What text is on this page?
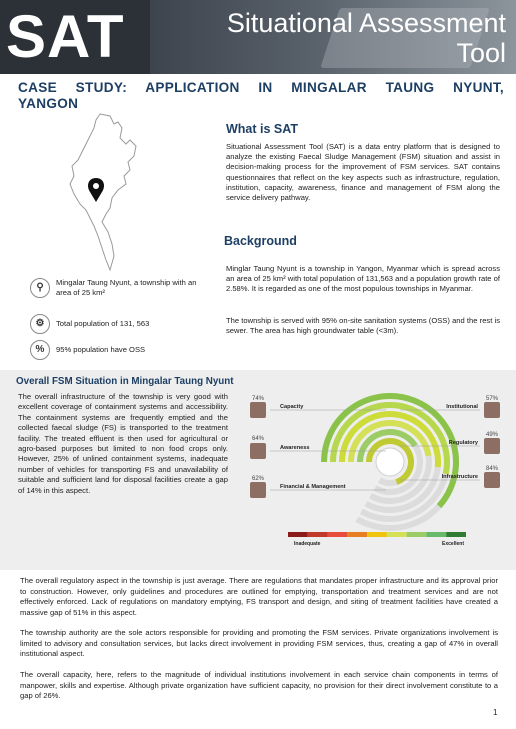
SAT	Situational Assessment
Tool
CASE STUDY: APPLICATION IN MINGALAR TAUNG NYUNT,
YANGON
⚲	Mingalar Taung Nyunt, a township with an area of 25 km²
⚙	Total population of 131, 563
%	95% population have OSS
What is SAT
Situational Assessment Tool (SAT) is a data entry platform that is designed to analyze the existing Faecal Sludge Management (FSM) situation and assist in decision-making process for the improvement of FSM services. SAT contains questionnaires that reflect on the key aspects such as infrastructure, regulation, institution, capacity, awareness, finance and management of FSM along the service delivery pathway.
Background
Minglar Taung Nyunt is a township in Yangon, Myanmar which is spread across an area of 25 km² with total population of 131,563 and a population growth rate of 2.58%. It is regarded as one of the most populous townships in Myanmar.
The township is served with 95% on-site sanitation systems (OSS) and the rest is sewer. The area has high groundwater table (<3m).
Overall FSM Situation in Mingalar Taung Nyunt
The overall infrastructure of the township is very good with excellent coverage of containment systems and accessibility. The containment systems are frequently emptied and the collected faecal sludge (FS) is transported to the treatment facility. The treated effluent is then used for agricultural or agro-based purposes but limited to non food crops only. However, 25% of unlined containment systems, inadequate number of vehicles for transporting FS and unavailability of suitable and sufficient land for disposal facilities create a gap of 14% in this aspect.
Capacity
74%
Awareness
64%
Financial & Management
62%
Institutional
57%
Regulatory
49%
Infrastructure
84%
Inadequate	Excellent
The overall regulatory aspect in the township is just average. There are regulations that mandates proper infrastructure and its approval prior to construction. However, only guidelines and procedures are outlined for emptying, transportation and treatment services and are not effectively enforced. Lack of regulations on mandatory emptying, FS transport and design, and siting of treatment facilities have created a massive gap of 51% in this aspect.
The township authority are the sole actors responsible for providing and promoting the FSM services. Private organizations involvement is limited to advisory and consultation services, but lacks direct involvement in providing FSM services, thus, creating a gap of 47% in overall institutional aspect.
The overall capacity, here, refers to the magnitude of individual institutions involvement in each service chain components in terms of manpower, skills and expertise. Although private organization have sufficient capacity, no provision for their direct involvement constitute to a gap of 26%.
1
